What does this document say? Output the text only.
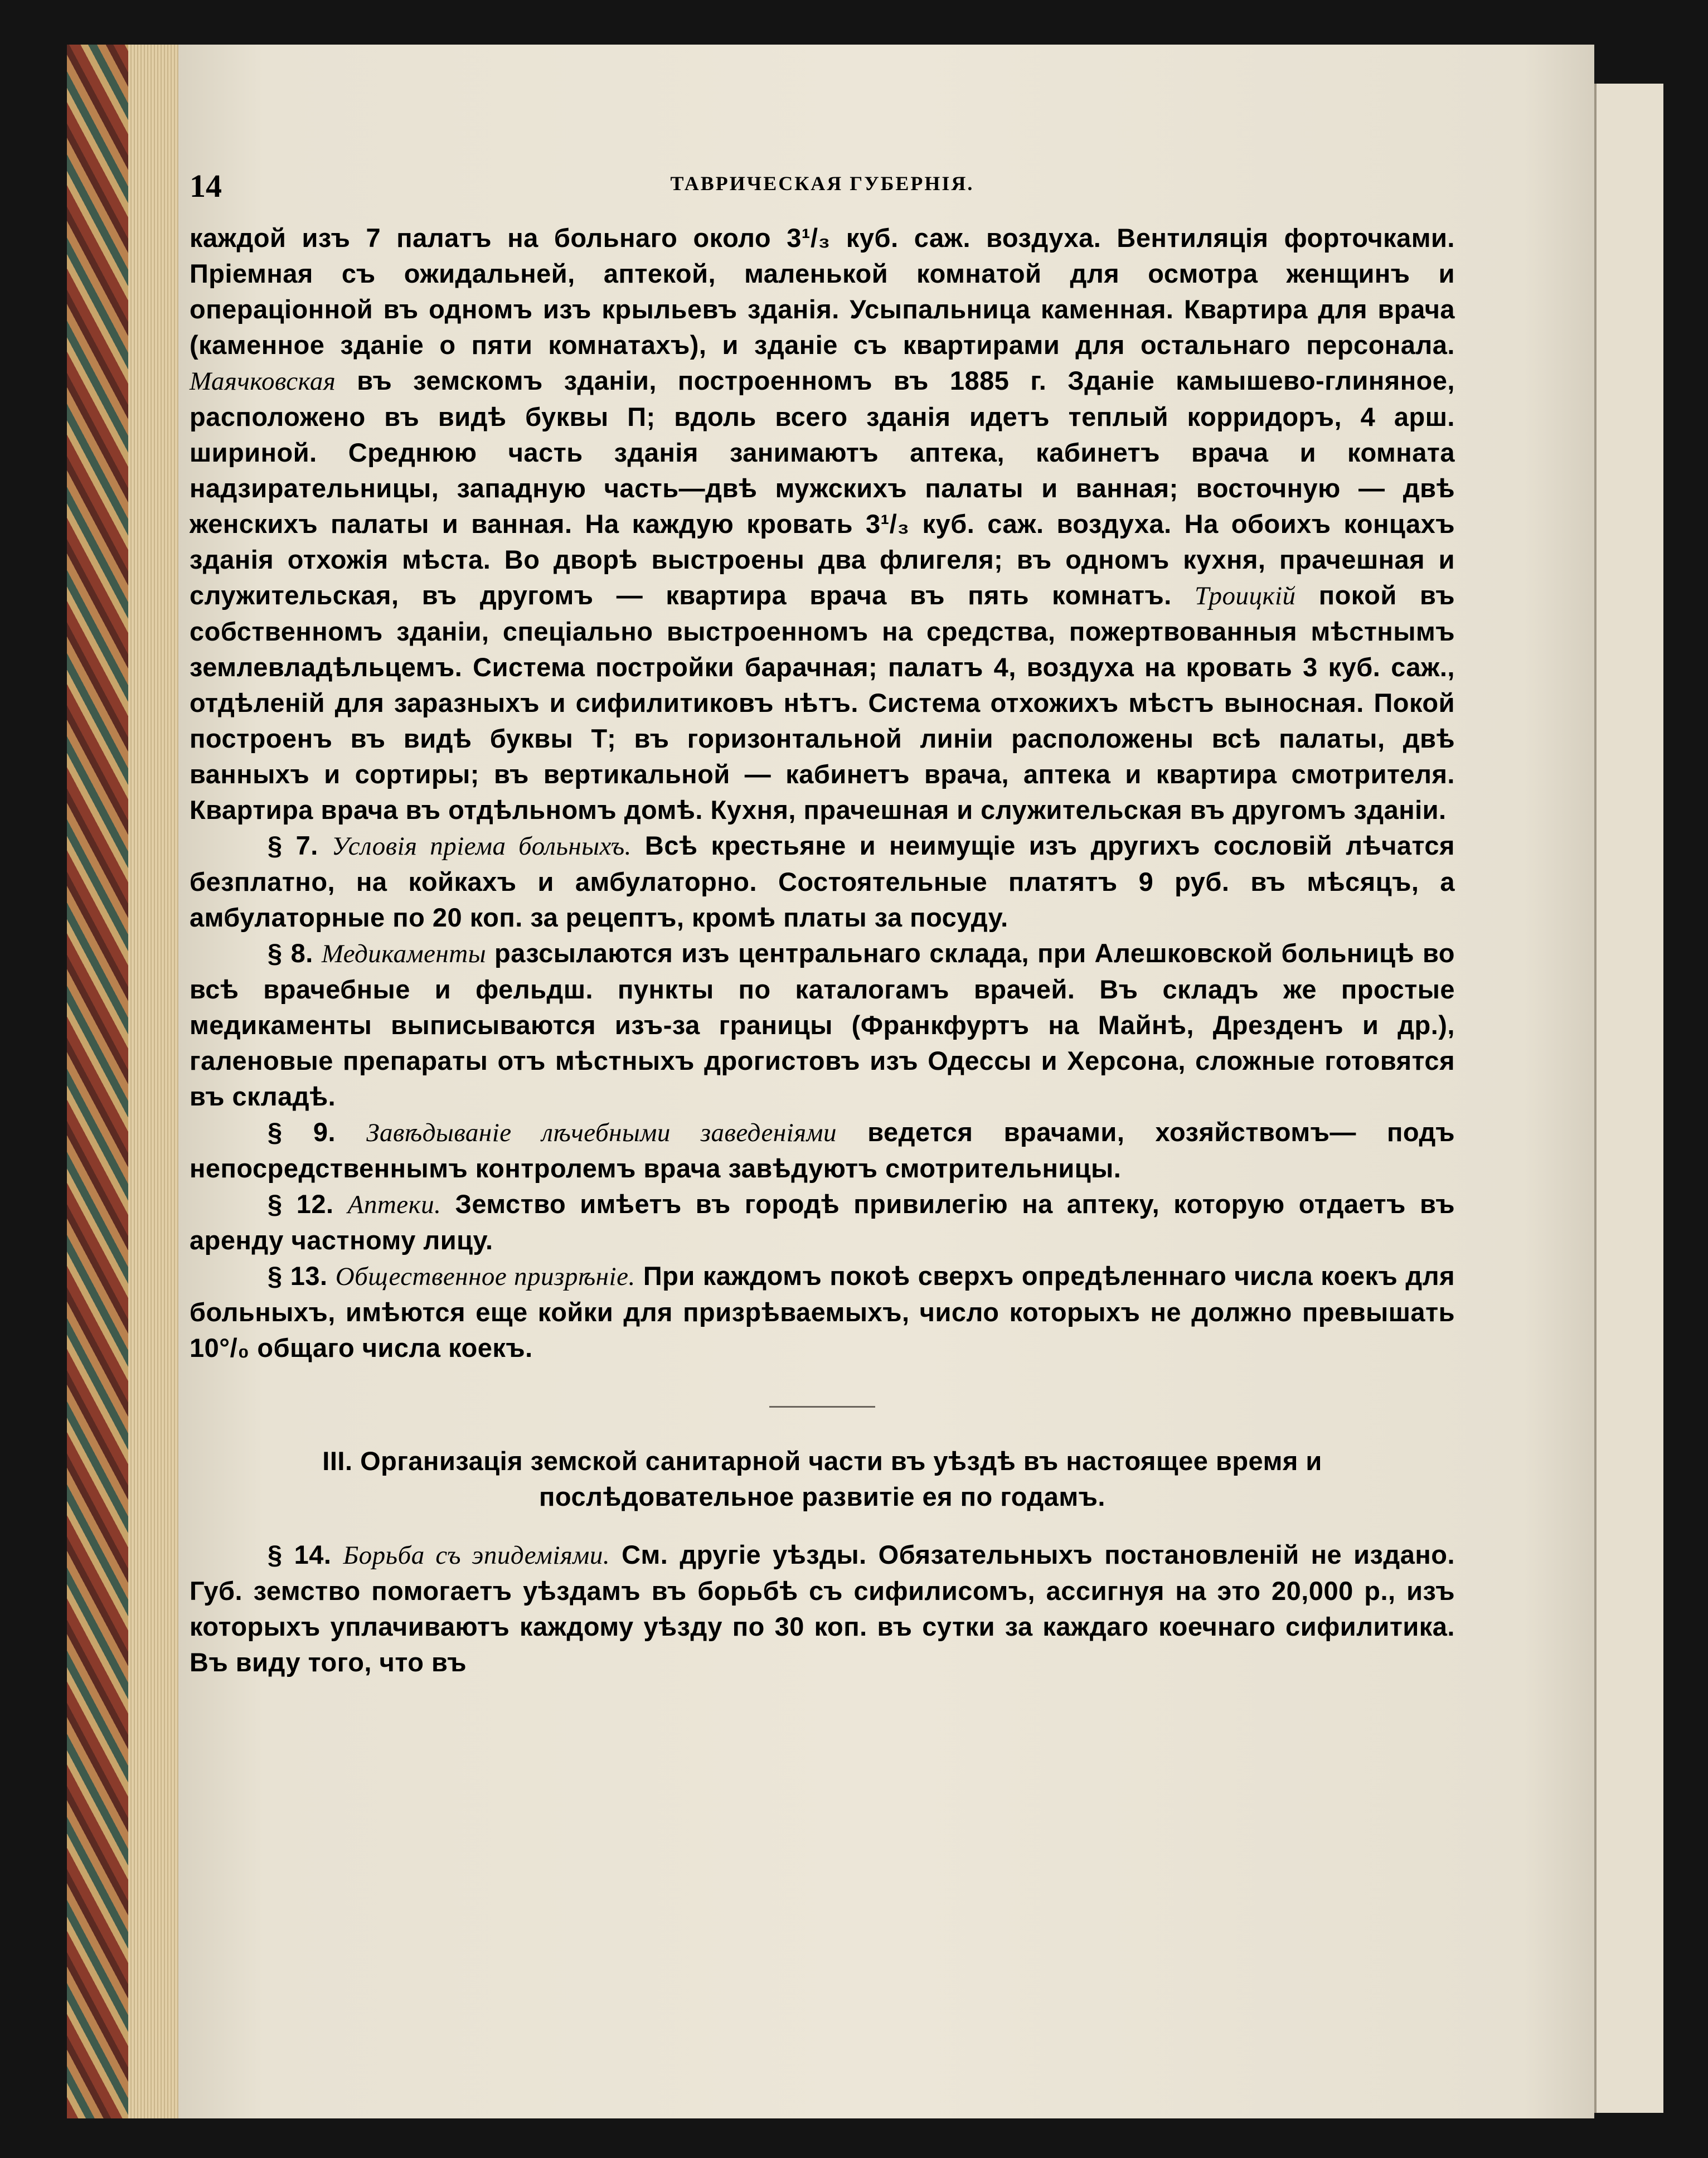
14	ТАВРИЧЕСКАЯ ГУБЕРНІЯ.

каждой изъ 7 палатъ на больнаго около 3¹/₃ куб. саж. воздуха. Вентиляція форточками. Пріемная съ ожидальней, аптекой, маленькой комнатой для осмотра женщинъ и операціонной въ одномъ изъ крыльевъ зданія. Усыпальница каменная. Квартира для врача (каменное зданіе о пяти комнатахъ), и зданіе съ квартирами для остальнаго персонала. Маячковская въ земскомъ зданіи, построенномъ въ 1885 г. Зданіе камышево-глиняное, расположено въ видѣ буквы П; вдоль всего зданія идетъ теплый корридоръ, 4 арш. шириной. Среднюю часть зданія занимаютъ аптека, кабинетъ врача и комната надзирательницы, западную часть—двѣ мужскихъ палаты и ванная; восточную — двѣ женскихъ палаты и ванная. На каждую кровать 3¹/₃ куб. саж. воздуха. На обоихъ концахъ зданія отхожія мѣста. Во дворѣ выстроены два флигеля; въ одномъ кухня, прачешная и служительская, въ другомъ — квартира врача въ пять комнатъ. Троицкій покой въ собственномъ зданіи, спеціально выстроенномъ на средства, пожертвованныя мѣстнымъ землевладѣльцемъ. Система постройки барачная; палатъ 4, воздуха на кровать 3 куб. саж., отдѣленій для заразныхъ и сифилитиковъ нѣтъ. Система отхожихъ мѣстъ выносная. Покой построенъ въ видѣ буквы Т; въ горизонтальной линіи расположены всѣ палаты, двѣ ванныхъ и сортиры; въ вертикальной — кабинетъ врача, аптека и квартира смотрителя. Квартира врача въ отдѣльномъ домѣ. Кухня, прачешная и служительская въ другомъ зданіи.

§ 7. Условія пріема больныхъ. Всѣ крестьяне и неимущіе изъ другихъ сословій лѣчатся безплатно, на койкахъ и амбулаторно. Состоятельные платятъ 9 руб. въ мѣсяцъ, а амбулаторные по 20 коп. за рецептъ, кромѣ платы за посуду.

§ 8. Медикаменты разсылаются изъ центральнаго склада, при Алешковской больницѣ во всѣ врачебные и фельдш. пункты по каталогамъ врачей. Въ складъ же простые медикаменты выписываются изъ-за границы (Франкфуртъ на Майнѣ, Дрезденъ и др.), галеновые препараты отъ мѣстныхъ дрогистовъ изъ Одессы и Херсона, сложные готовятся въ складѣ.

§ 9. Завѣдываніе лѣчебными заведеніями ведется врачами, хозяйствомъ— подъ непосредственнымъ контролемъ врача завѣдуютъ смотрительницы.

§ 12. Аптеки. Земство имѣетъ въ городѣ привилегію на аптеку, которую отдаетъ въ аренду частному лицу.

§ 13. Общественное призрѣніе. При каждомъ покоѣ сверхъ опредѣленнаго числа коекъ для больныхъ, имѣются еще койки для призрѣваемыхъ, число которыхъ не должно превышать 10°/₀ общаго числа коекъ.

III. Организація земской санитарной части въ уѣздѣ въ настоящее время и
послѣдовательное развитіе ея по годамъ.

§ 14. Борьба съ эпидеміями. См. другіе уѣзды. Обязательныхъ постановленій не издано. Губ. земство помогаетъ уѣздамъ въ борьбѣ съ сифилисомъ, ассигнуя на это 20,000 р., изъ которыхъ уплачиваютъ каждому уѣзду по 30 коп. въ сутки за каждаго коечнаго сифилитика. Въ виду того, что въ
